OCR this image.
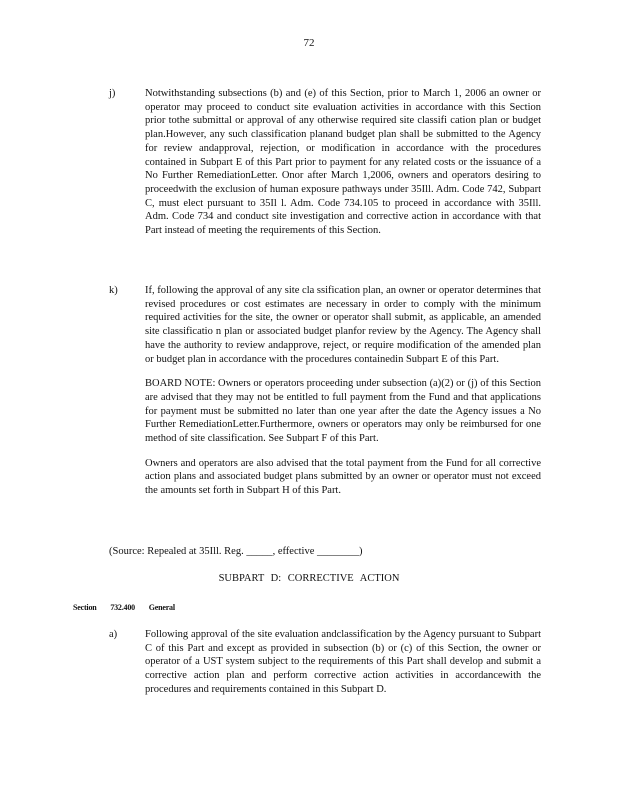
72
j)	Notwithstanding subsections (b) and (e) of this Section, prior to March 1, 2006 an owner or operator may proceed to conduct site evaluation activities in accordance with this Section prior tothe submittal or approval of any otherwise required site classifi cation plan or budget plan.However, any such classification planand budget plan shall be submitted to the Agency for review andapproval, rejection, or modification in accordance with the procedures contained in Subpart E of this Part prior to payment for any related costs or the issuance of a No Further RemediationLetter. Onor after March 1,2006, owners and operators desiring to proceedwith the exclusion of human exposure pathways under 35Ill. Adm. Code 742, Subpart C, must elect pursuant to 35Il l. Adm. Code 734.105 to proceed in accordance with 35Ill. Adm. Code 734 and conduct site investigation and corrective action in accordance with that Part instead of meeting the requirements of this Section.

k)	If, following the approval of any site cla ssification plan, an owner or operator determines that revised procedures or cost estimates are necessary in order to comply with the minimum required activities for the site, the owner or operator shall submit, as applicable, an amended site classificatio n plan or associated budget planfor review by the Agency. The Agency shall have the authority to review andapprove, reject, or require modification of the amended plan or budget plan in accordance with the procedures containedin Subpart E of this Part.

BOARD NOTE: Owners or operators proceeding under subsection (a)(2) or (j) of this Section are advised that they may not be entitled to full payment from the Fund and that applications for payment must be submitted no later than one year after the date the Agency issues a No Further RemediationLetter.Furthermore, owners or operators may only be reimbursed for one method of site classification. See Subpart F of this Part.

Owners and operators are also advised that the total payment from the Fund for all corrective action plans and associated budget plans submitted by an owner or operator must not exceed the amounts set forth in Subpart H of this Part.

(Source: Repealed at 35Ill. Reg. _____, effective ________)
SUBPART D: CORRECTIVE ACTION
Section 732.400 General
a)	Following approval of the site evaluation andclassification by the Agency pursuant to Subpart C of this Part and except as provided in subsection (b) or (c) of this Section, the owner or operator of a UST system subject to the requirements of this Part shall develop and submit a corrective action plan and perform corrective action activities in accordancewith the procedures and requirements contained in this Subpart D.
